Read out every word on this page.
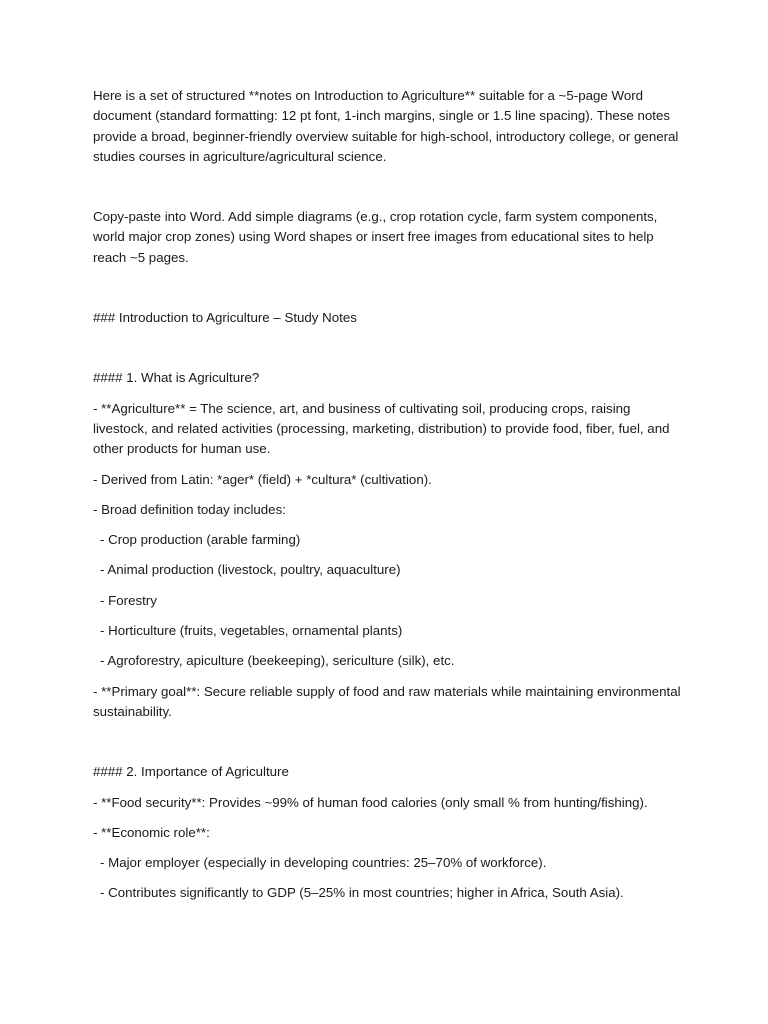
Here is a set of structured **notes on Introduction to Agriculture** suitable for a ~5-page Word document (standard formatting: 12 pt font, 1-inch margins, single or 1.5 line spacing). These notes provide a broad, beginner-friendly overview suitable for high-school, introductory college, or general studies courses in agriculture/agricultural science.

Copy-paste into Word. Add simple diagrams (e.g., crop rotation cycle, farm system components, world major crop zones) using Word shapes or insert free images from educational sites to help reach ~5 pages.

### Introduction to Agriculture – Study Notes

#### 1. What is Agriculture?

- **Agriculture** = The science, art, and business of cultivating soil, producing crops, raising livestock, and related activities (processing, marketing, distribution) to provide food, fiber, fuel, and other products for human use.

- Derived from Latin: *ager* (field) + *cultura* (cultivation).

- Broad definition today includes:

- Crop production (arable farming)

- Animal production (livestock, poultry, aquaculture)

- Forestry

- Horticulture (fruits, vegetables, ornamental plants)

- Agroforestry, apiculture (beekeeping), sericulture (silk), etc.

- **Primary goal**: Secure reliable supply of food and raw materials while maintaining environmental sustainability.

#### 2. Importance of Agriculture

- **Food security**: Provides ~99% of human food calories (only small % from hunting/fishing).

- **Economic role**:

- Major employer (especially in developing countries: 25–70% of workforce).

- Contributes significantly to GDP (5–25% in most countries; higher in Africa, South Asia).
